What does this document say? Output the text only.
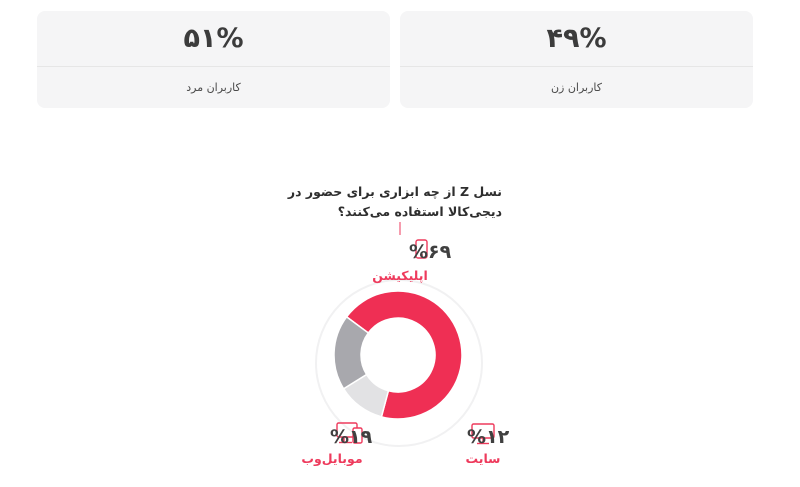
۴۹%
کاربران زن
۵۱%
کاربران مرد
نسل Z از چه ابزاری برای حضور در دیجی‌کالا استفاده می‌کنند؟
%۶۹
اپلیکیشن
%۱۲
سایت
%۱۹
موبایل‌وب
